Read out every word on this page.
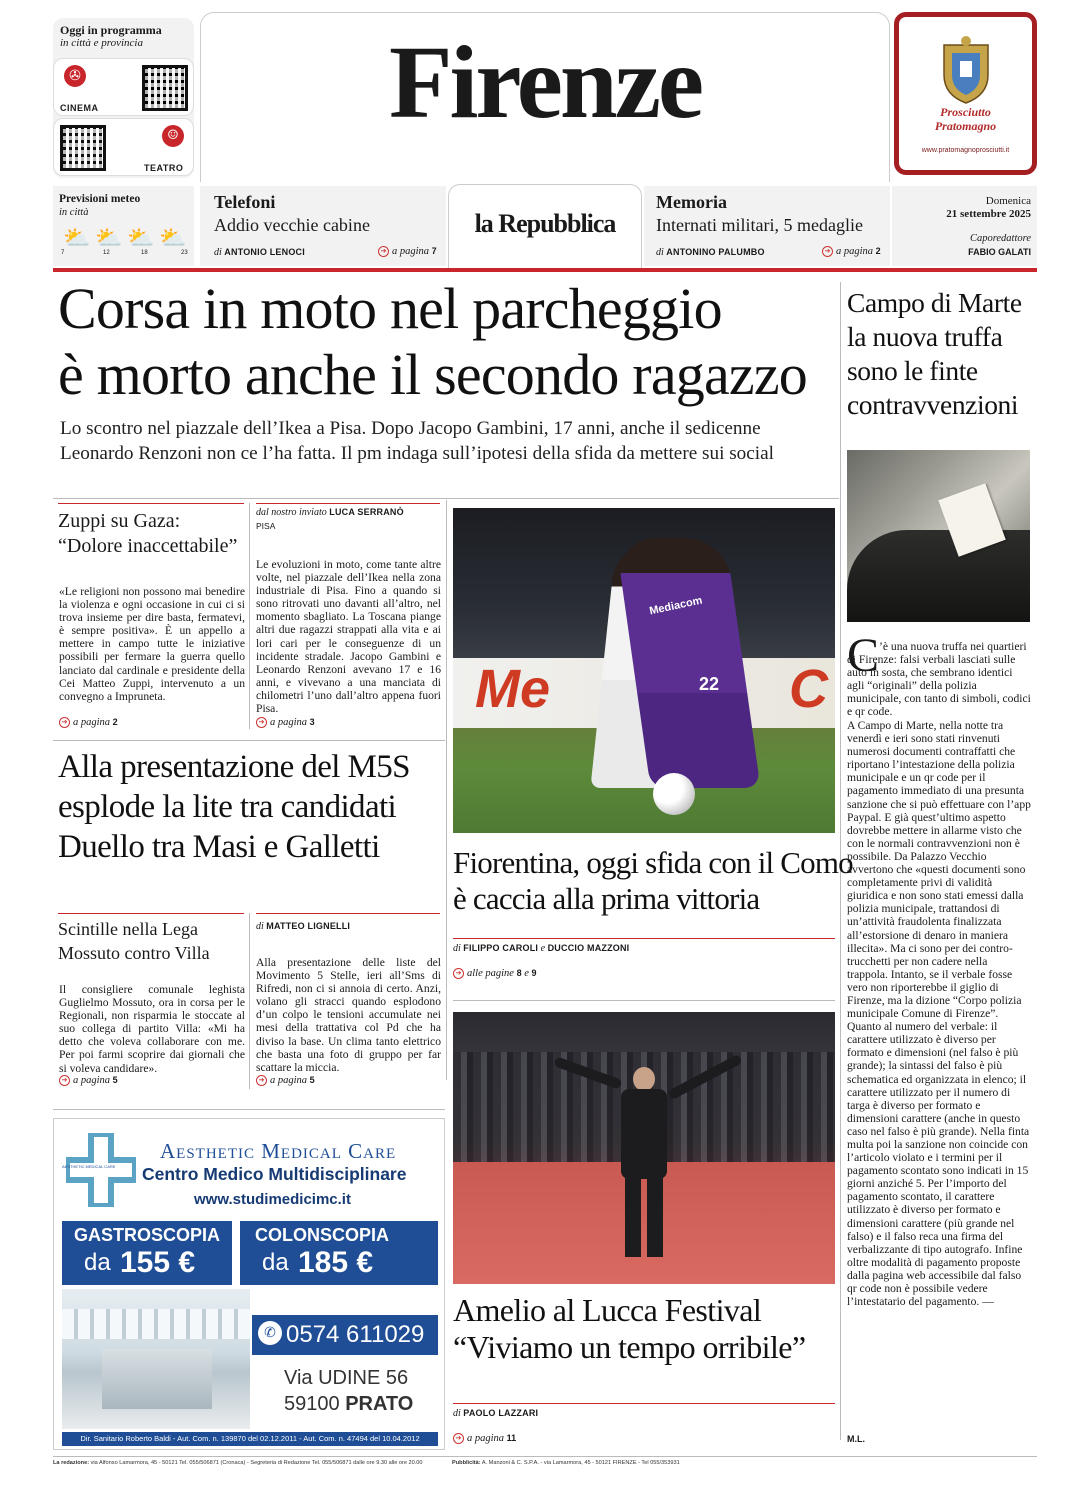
Oggi in programma
in città e provincia
✇
CINEMA
☺
TEATRO
Firenze	Prosciutto
Pratomagno
www.pratomagnoprosciutti.it
Previsioni meteo
in città
⛅ ⛅ ⛅ ⛅
7	12	18	23
Telefoni
Addio vecchie cabine
di ANTONIO LENOCI	➔ a pagina 7
la Repubblica
Memoria
Internati militari, 5 medaglie
di ANTONINO PALUMBO	➔ a pagina 2
Domenica
21 settembre 2025
Caporedattore
FABIO GALATI
Corsa in moto nel parcheggio
è morto anche il secondo ragazzo
Lo scontro nel piazzale dell’Ikea a Pisa. Dopo Jacopo Gambini, 17 anni, anche il sedicenne
Leonardo Renzoni non ce l’ha fatta. Il pm indaga sull’ipotesi della sfida da mettere sui social
Zuppi su Gaza:
“Dolore inaccettabile”
«Le religioni non possono mai benedire la violenza e ogni occasione in cui ci si trova insieme per dire basta, fermatevi, è sempre positiva». È un appello a mettere in campo tutte le iniziative possibili per fermare la guerra quello lanciato dal cardinale e presidente della Cei Matteo Zuppi, intervenuto a un convegno a Impruneta.
➔ a pagina 2
dal nostro inviato LUCA SERRANÒ
PISA
Le evoluzioni in moto, come tante altre volte, nel piazzale dell’Ikea nella zona industriale di Pisa. Fino a quando si sono ritrovati uno davanti all’altro, nel momento sbagliato. La Toscana piange altri due ragazzi strappati alla vita e ai lori cari per le conseguenze di un incidente stradale. Jacopo Gambini e Leonardo Renzoni avevano 17 e 16 anni, e vivevano a una manciata di chilometri l’uno dall’altro appena fuori Pisa.
➔ a pagina 3
Alla presentazione del M5S
esplode la lite tra candidati
Duello tra Masi e Galletti
Scintille nella Lega
Mossuto contro Villa
Il consigliere comunale leghista Guglielmo Mossuto, ora in corsa per le Regionali, non risparmia le stoccate al suo collega di partito Villa: «Mi ha detto che voleva collaborare con me. Per poi farmi scoprire dai giornali che si voleva candidare».
➔ a pagina 5
di MATTEO LIGNELLI
Alla presentazione delle liste del Movimento 5 Stelle, ieri all’Sms di Rifredi, non ci si annoia di certo. Anzi, volano gli stracci quando esplodono d’un colpo le tensioni accumulate nei mesi della trattativa col Pd che ha diviso la base. Un clima tanto elettrico che basta una foto di gruppo per far scattare la miccia.
➔ a pagina 5
Me	C
Mediacom
22
Fiorentina, oggi sfida con il Como
è caccia alla prima vittoria
di FILIPPO CAROLI e DUCCIO MAZZONI
➔ alle pagine 8 e 9
Amelio al Lucca Festival
“Viviamo un tempo orribile”
di PAOLO LAZZARI
➔ a pagina 11
Campo di Marte
la nuova truffa
sono le finte
contravvenzioni
C ’è una nuova truffa nei quartieri di Firenze: falsi verbali lasciati sulle auto in sosta, che sembrano identici agli “originali” della polizia municipale, con tanto di simboli, codici e qr code.
A Campo di Marte, nella notte tra venerdì e ieri sono stati rinvenuti numerosi documenti contraffatti che riportano l’intestazione della polizia municipale e un qr code per il pagamento immediato di una presunta sanzione che si può effettuare con l’app Paypal. E già quest’ultimo aspetto dovrebbe mettere in allarme visto che con le normali contravvenzioni non è possibile. Da Palazzo Vecchio avvertono che «questi documenti sono completamente privi di validità giuridica e non sono stati emessi dalla polizia municipale, trattandosi di un’attività fraudolenta finalizzata all’estorsione di denaro in maniera illecita». Ma ci sono per dei contro-trucchetti per non cadere nella trappola. Intanto, se il verbale fosse vero non riporterebbe il giglio di Firenze, ma la dizione “Corpo polizia municipale Comune di Firenze”. Quanto al numero del verbale: il carattere utilizzato è diverso per formato e dimensioni (nel falso è più grande); la sintassi del falso è più schematica ed organizzata in elenco; il carattere utilizzato per il numero di targa è diverso per formato e dimensioni carattere (anche in questo caso nel falso è più grande). Nella finta multa poi la sanzione non coincide con l’articolo violato e i termini per il pagamento scontato sono indicati in 15 giorni anziché 5. Per l’importo del pagamento scontato, il carattere utilizzato è diverso per formato e dimensioni carattere (più grande nel falso) e il falso reca una firma del verbalizzante di tipo autografo. Infine oltre modalità di pagamento proposte dalla pagina web accessibile dal falso qr code non è possibile vedere l’intestatario del pagamento. —
M.L.
AESTHETIC MEDICAL CARE
Aesthetic Medical Care
Centro Medico Multidisciplinare
www.studimedicimc.it
GASTROSCOPIA
da 155 €
COLONSCOPIA
da 185 €
✆ 0574 611029
Via UDINE 56
59100 PRATO
Dir. Sanitario Roberto Baldi - Aut. Com. n. 139870 del 02.12.2011 - Aut. Com. n. 47494 del 10.04.2012
La redazione: via Alfonso Lamarmora, 45 - 50121 Tel. 055/506871 (Cronaca) - Segreteria di Redazione Tel. 055/506871 dalle ore 9.30 alle ore 20.00	Pubblicità: A. Manzoni & C. S.P.A. - via Lamarmora, 45 - 50121 FIRENZE - Tel 055/353931
